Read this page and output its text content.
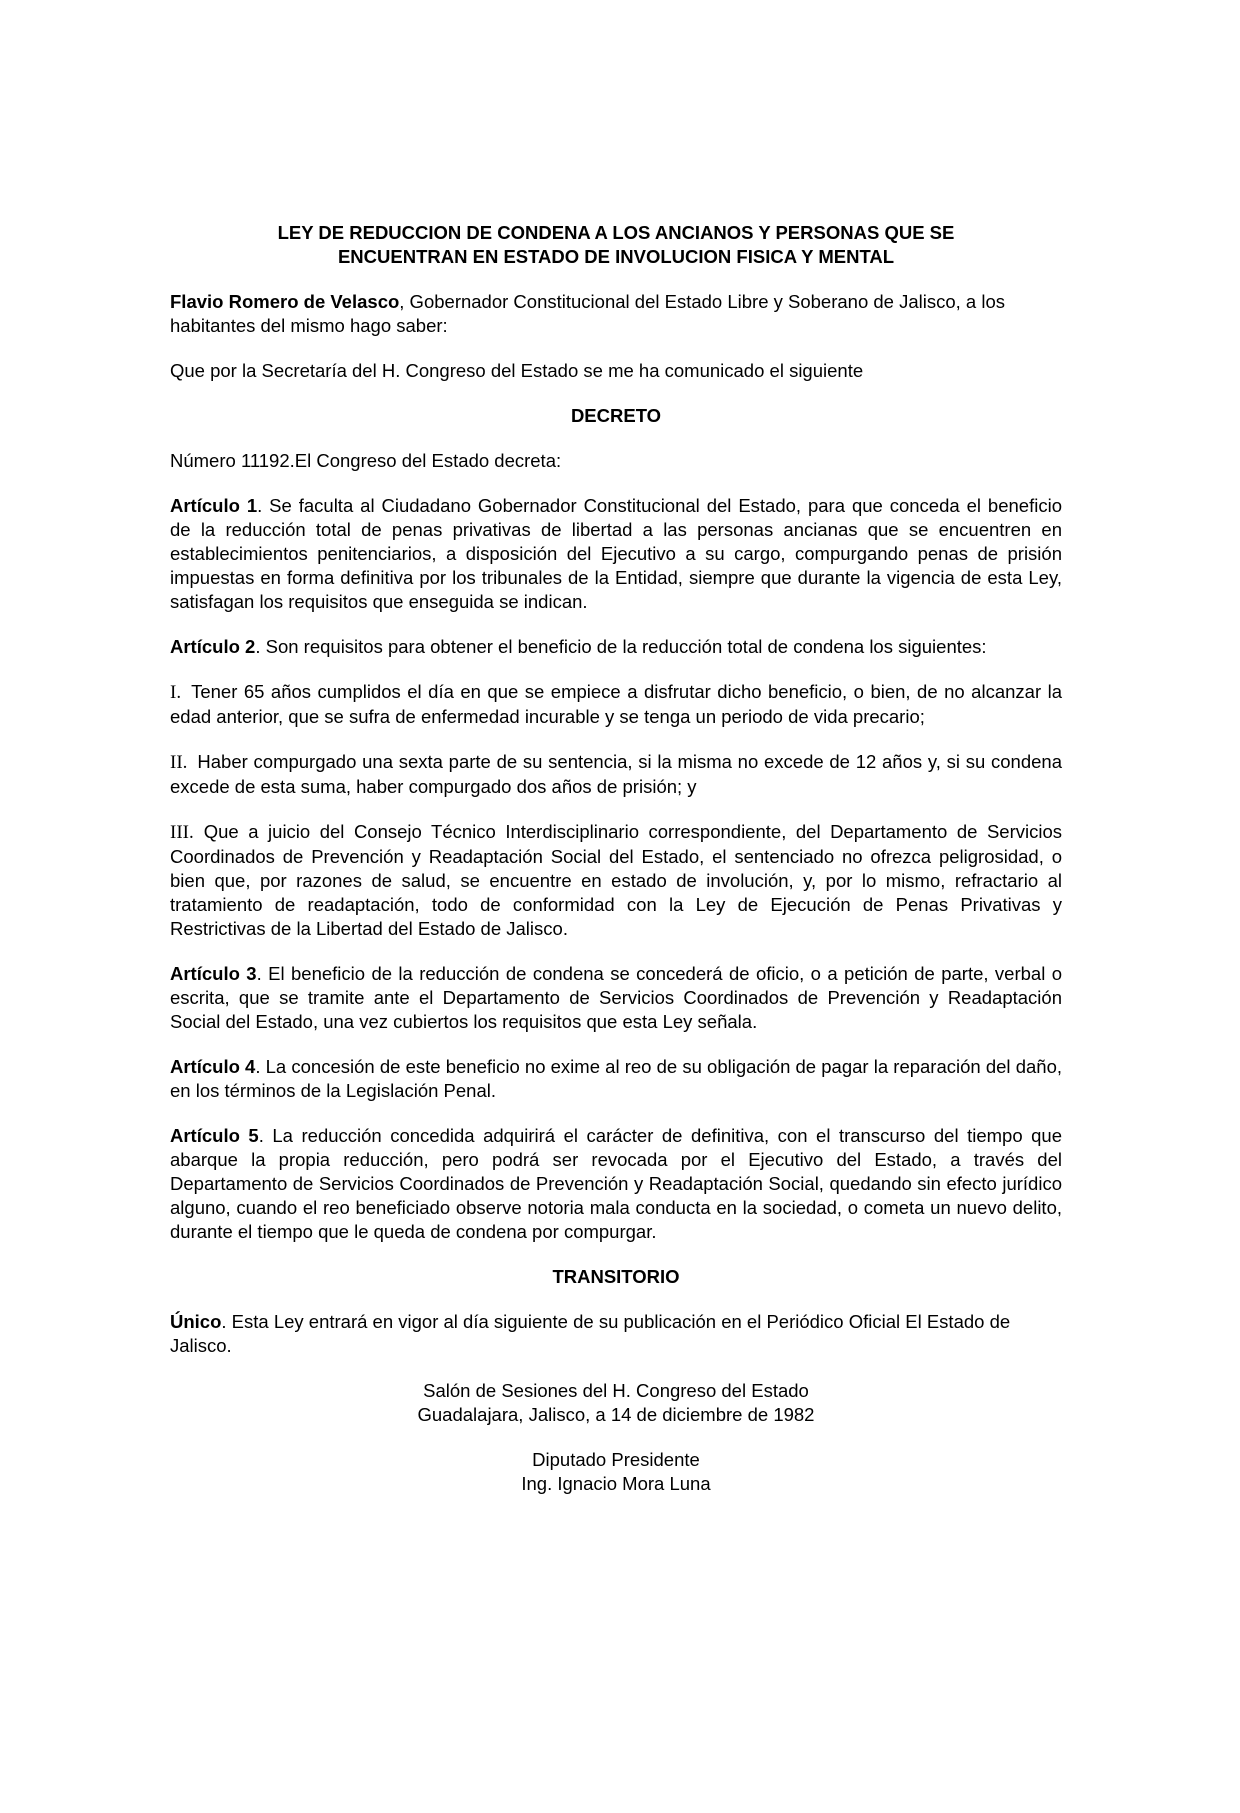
LEY DE REDUCCION DE CONDENA A LOS ANCIANOS Y PERSONAS QUE SE
ENCUENTRAN EN ESTADO DE INVOLUCION FISICA Y MENTAL

Flavio Romero de Velasco, Gobernador Constitucional del Estado Libre y Soberano de Jalisco, a los habitantes del mismo hago saber:

Que por la Secretaría del H. Congreso del Estado se me ha comunicado el siguiente

DECRETO

Número 11192.El Congreso del Estado decreta:

Artículo 1. Se faculta al Ciudadano Gobernador Constitucional del Estado, para que conceda el beneficio de la reducción total de penas privativas de libertad a las personas ancianas que se encuentren en establecimientos penitenciarios, a disposición del Ejecutivo a su cargo, compurgando penas de prisión impuestas en forma definitiva por los tribunales de la Entidad, siempre que durante la vigencia de esta Ley, satisfagan los requisitos que enseguida se indican.

Artículo 2. Son requisitos para obtener el beneficio de la reducción total de condena los siguientes:

I. Tener 65 años cumplidos el día en que se empiece a disfrutar dicho beneficio, o bien, de no alcanzar la edad anterior, que se sufra de enfermedad incurable y se tenga un periodo de vida precario;

II. Haber compurgado una sexta parte de su sentencia, si la misma no excede de 12 años y, si su condena excede de esta suma, haber compurgado dos años de prisión; y

III. Que a juicio del Consejo Técnico Interdisciplinario correspondiente, del Departamento de Servicios Coordinados de Prevención y Readaptación Social del Estado, el sentenciado no ofrezca peligrosidad, o bien que, por razones de salud, se encuentre en estado de involución, y, por lo mismo, refractario al tratamiento de readaptación, todo de conformidad con la Ley de Ejecución de Penas Privativas y Restrictivas de la Libertad del Estado de Jalisco.

Artículo 3. El beneficio de la reducción de condena se concederá de oficio, o a petición de parte, verbal o escrita, que se tramite ante el Departamento de Servicios Coordinados de Prevención y Readaptación Social del Estado, una vez cubiertos los requisitos que esta Ley señala.

Artículo 4. La concesión de este beneficio no exime al reo de su obligación de pagar la reparación del daño, en los términos de la Legislación Penal.

Artículo 5. La reducción concedida adquirirá el carácter de definitiva, con el transcurso del tiempo que abarque la propia reducción, pero podrá ser revocada por el Ejecutivo del Estado, a través del Departamento de Servicios Coordinados de Prevención y Readaptación Social, quedando sin efecto jurídico alguno, cuando el reo beneficiado observe notoria mala conducta en la sociedad, o cometa un nuevo delito, durante el tiempo que le queda de condena por compurgar.

TRANSITORIO

Único. Esta Ley entrará en vigor al día siguiente de su publicación en el Periódico Oficial El Estado de Jalisco.

Salón de Sesiones del H. Congreso del Estado
Guadalajara, Jalisco, a 14 de diciembre de 1982
Diputado Presidente
Ing. Ignacio Mora Luna
